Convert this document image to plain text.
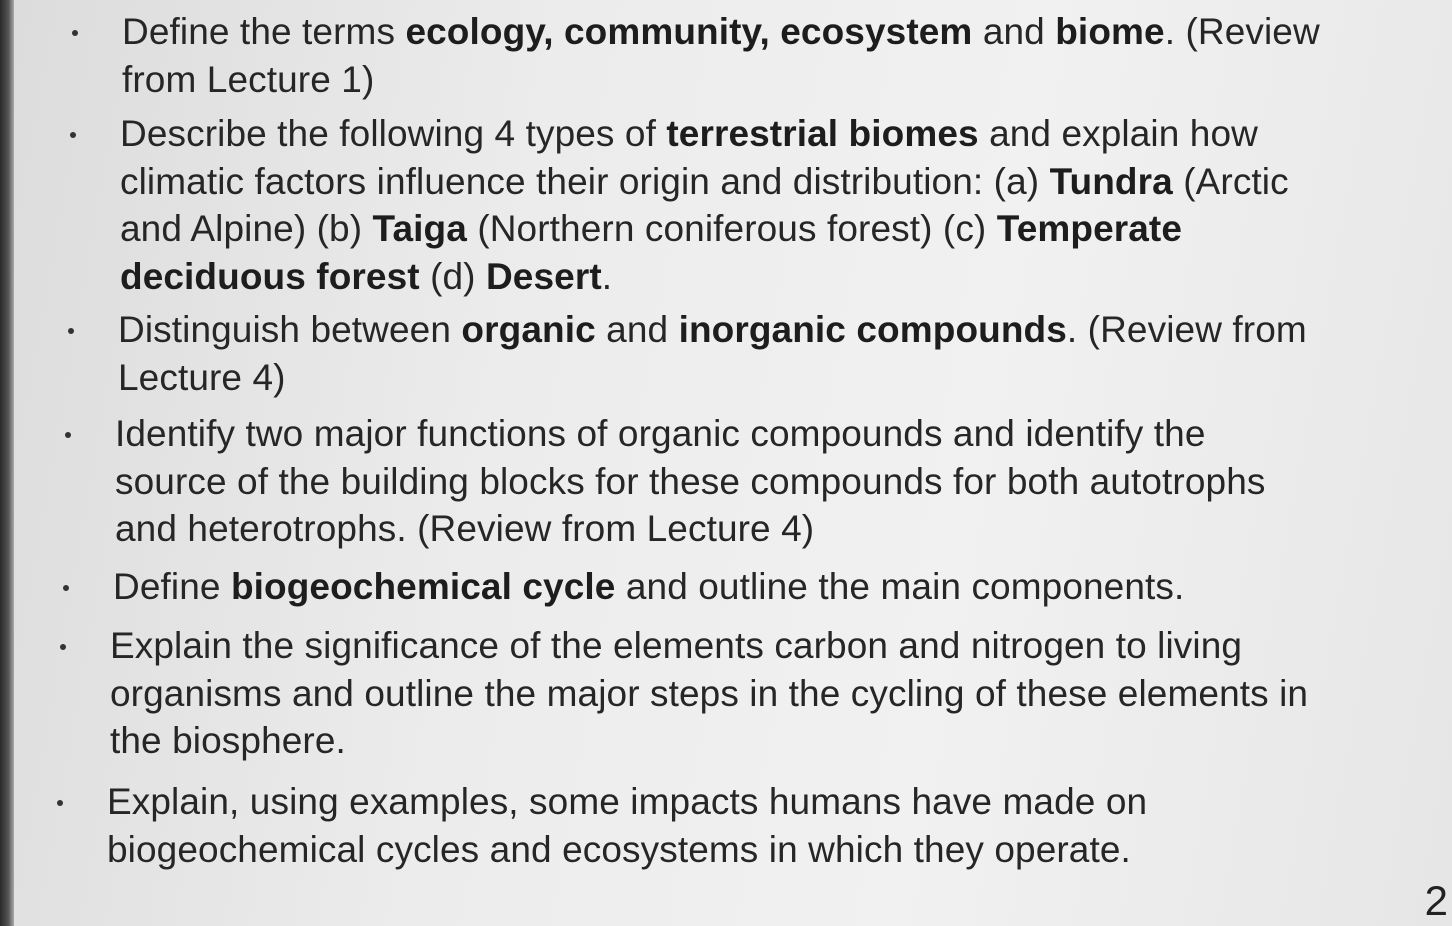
Define the terms ecology, community, ecosystem and biome. (Review
from Lecture 1)
Describe the following 4 types of terrestrial biomes and explain how
climatic factors influence their origin and distribution: (a) Tundra (Arctic
and Alpine) (b) Taiga (Northern coniferous forest) (c) Temperate
deciduous forest (d) Desert.
Distinguish between organic and inorganic compounds. (Review from
Lecture 4)
Identify two major functions of organic compounds and identify the
source of the building blocks for these compounds for both autotrophs
and heterotrophs. (Review from Lecture 4)
Define biogeochemical cycle and outline the main components.
Explain the significance of the elements carbon and nitrogen to living
organisms and outline the major steps in the cycling of these elements in
the biosphere.
Explain, using examples, some impacts humans have made on
biogeochemical cycles and ecosystems in which they operate.
2
